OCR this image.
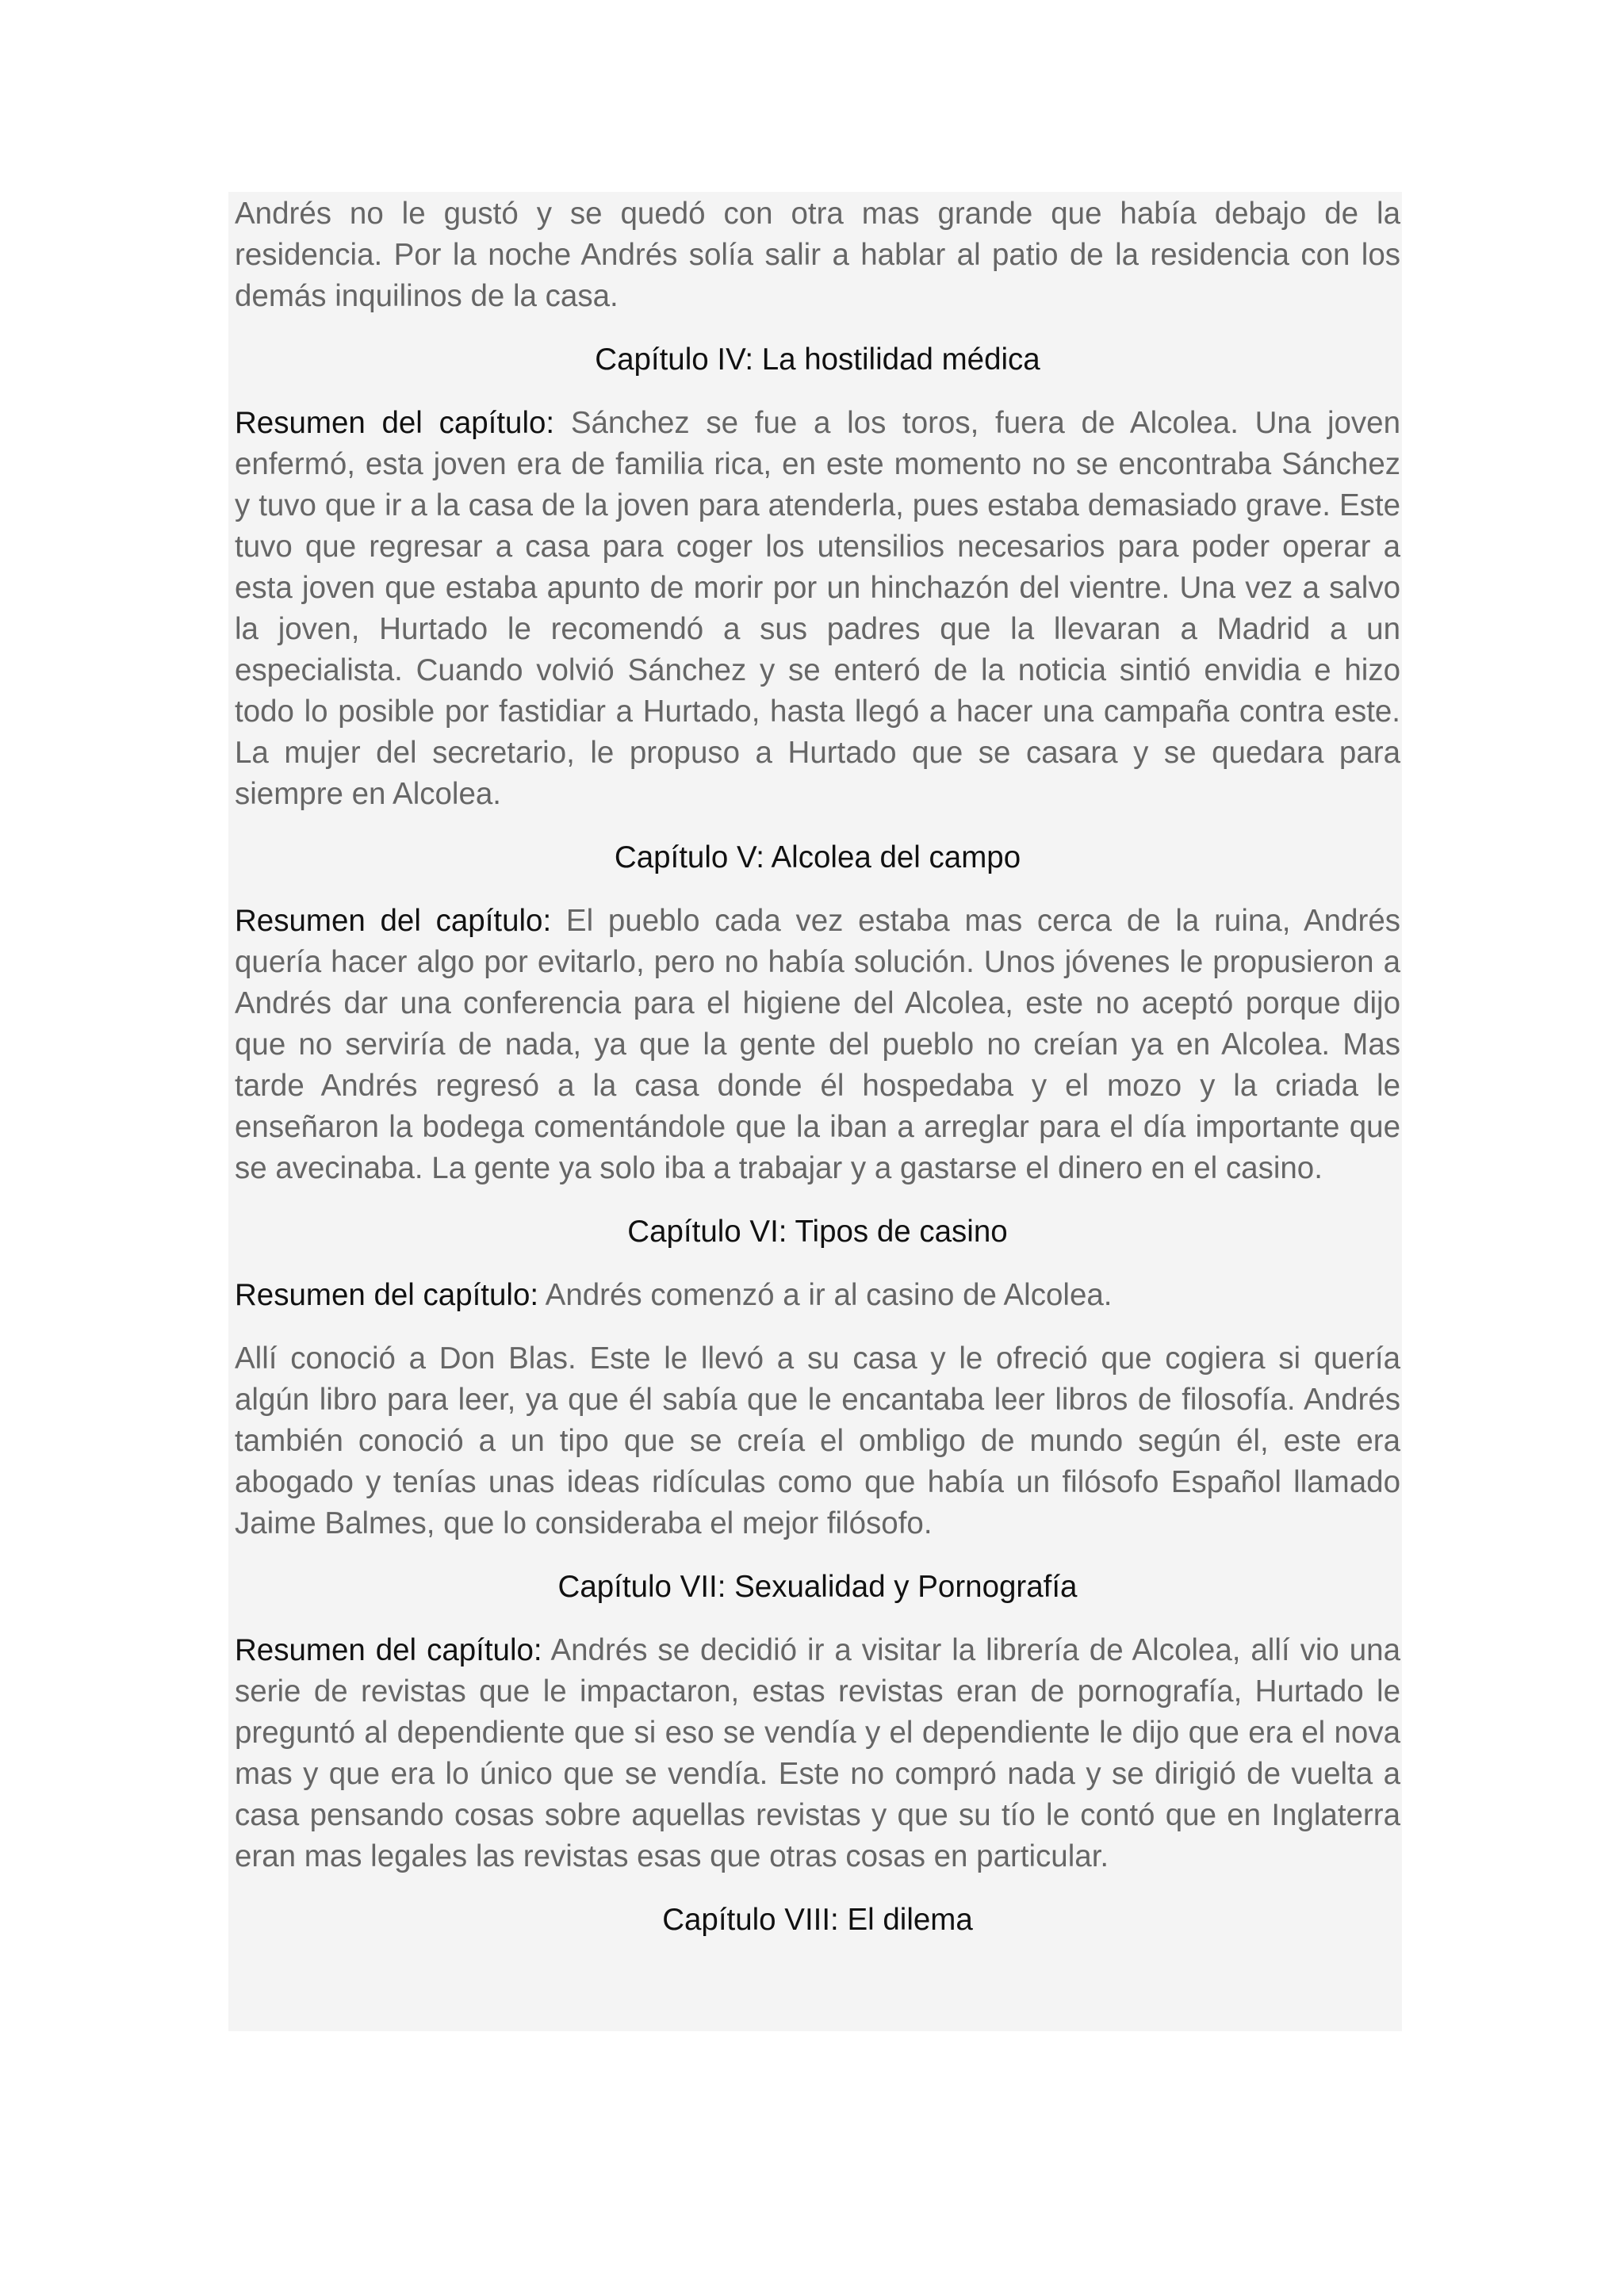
Andrés no le gustó y se quedó con otra mas grande que había debajo de la residencia. Por la noche Andrés solía salir a hablar al patio de la residencia con los demás inquilinos de la casa.

Capítulo IV: La hostilidad médica

Resumen del capítulo: Sánchez se fue a los toros, fuera de Alcolea. Una joven enfermó, esta joven era de familia rica, en este momento no se encontraba Sánchez y tuvo que ir a la casa de la joven para atenderla, pues estaba demasiado grave. Este tuvo que regresar a casa para coger los utensilios necesarios para poder operar a esta joven que estaba apunto de morir por un hinchazón del vientre. Una vez a salvo la joven, Hurtado le recomendó a sus padres que la llevaran a Madrid a un especialista. Cuando volvió Sánchez y se enteró de la noticia sintió envidia e hizo todo lo posible por fastidiar a Hurtado, hasta llegó a hacer una campaña contra este. La mujer del secretario, le propuso a Hurtado que se casara y se quedara para siempre en Alcolea.

Capítulo V: Alcolea del campo

Resumen del capítulo: El pueblo cada vez estaba mas cerca de la ruina, Andrés quería hacer algo por evitarlo, pero no había solución. Unos jóvenes le propusieron a Andrés dar una conferencia para el higiene del Alcolea, este no aceptó porque dijo que no serviría de nada, ya que la gente del pueblo no creían ya en Alcolea. Mas tarde Andrés regresó a la casa donde él hospedaba y el mozo y la criada le enseñaron la bodega comentándole que la iban a arreglar para el día importante que se avecinaba. La gente ya solo iba a trabajar y a gastarse el dinero en el casino.

Capítulo VI: Tipos de casino

Resumen del capítulo: Andrés comenzó a ir al casino de Alcolea.

Allí conoció a Don Blas. Este le llevó a su casa y le ofreció que cogiera si quería algún libro para leer, ya que él sabía que le encantaba leer libros de filosofía. Andrés también conoció a un tipo que se creía el ombligo de mundo según él, este era abogado y tenías unas ideas ridículas como que había un filósofo Español llamado Jaime Balmes, que lo consideraba el mejor filósofo.

Capítulo VII: Sexualidad y Pornografía

Resumen del capítulo: Andrés se decidió ir a visitar la librería de Alcolea, allí vio una serie de revistas que le impactaron, estas revistas eran de pornografía, Hurtado le preguntó al dependiente que si eso se vendía y el dependiente le dijo que era el nova mas y que era lo único que se vendía. Este no compró nada y se dirigió de vuelta a casa pensando cosas sobre aquellas revistas y que su tío le contó que en Inglaterra eran mas legales las revistas esas que otras cosas en particular.

Capítulo VIII: El dilema
